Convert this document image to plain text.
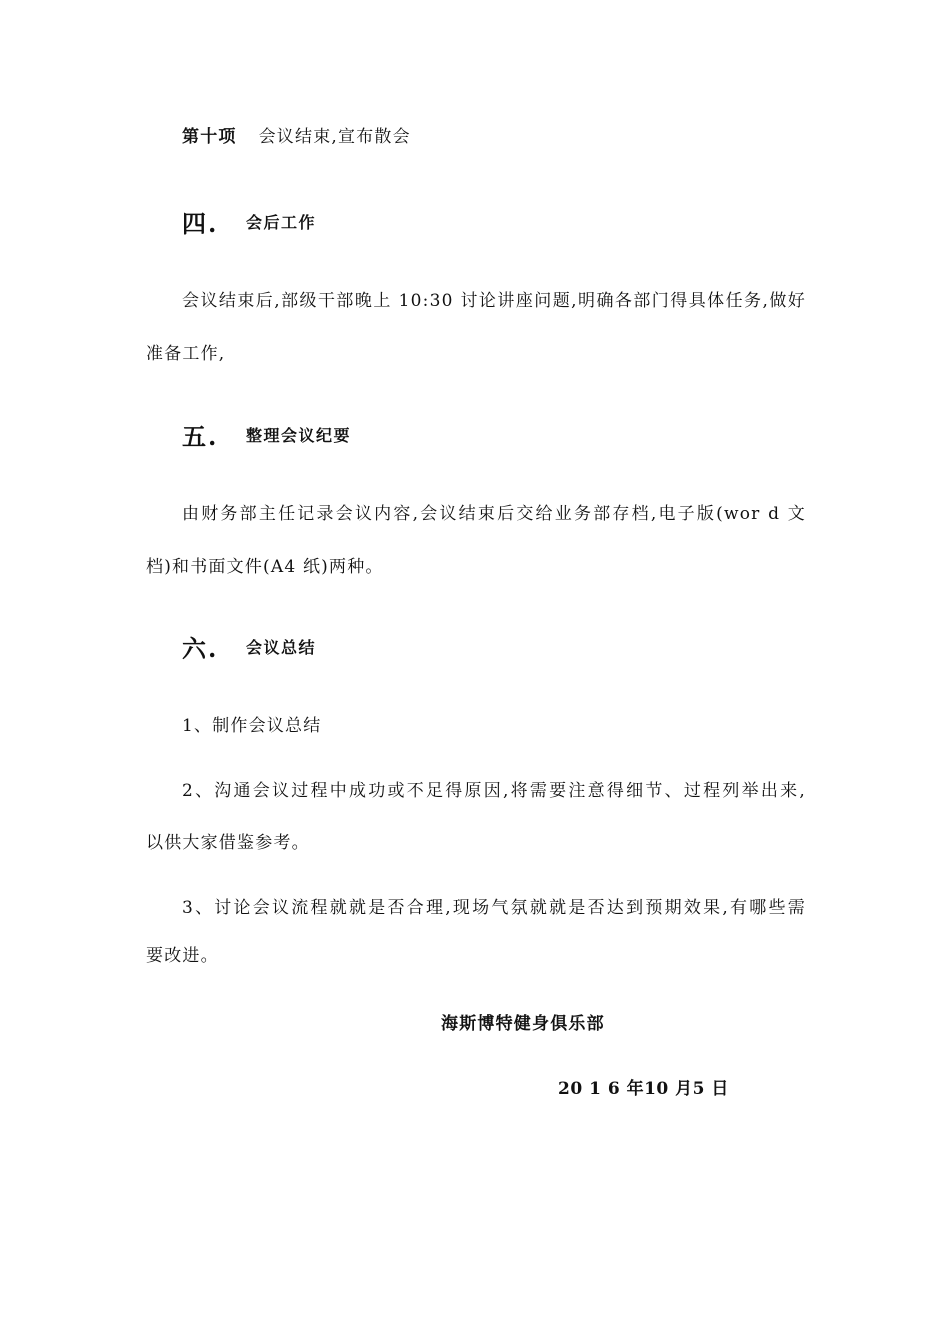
第十项 会议结束,宣布散会
四. 会后工作
会议结束后,部级干部晚上 10:30 讨论讲座问题,明确各部门得具体任务,做好
准备工作,
五. 整理会议纪要
由财务部主任记录会议内容,会议结束后交给业务部存档,电子版(wor d 文
档)和书面文件(A4 纸)两种。
六. 会议总结
1、制作会议总结
2、沟通会议过程中成功或不足得原因,将需要注意得细节、过程列举出来,
以供大家借鉴参考。
3、讨论会议流程就就是否合理,现场气氛就就是否达到预期效果,有哪些需
要改进。
海斯博特健身俱乐部
20 1 6 年10 月5 日
